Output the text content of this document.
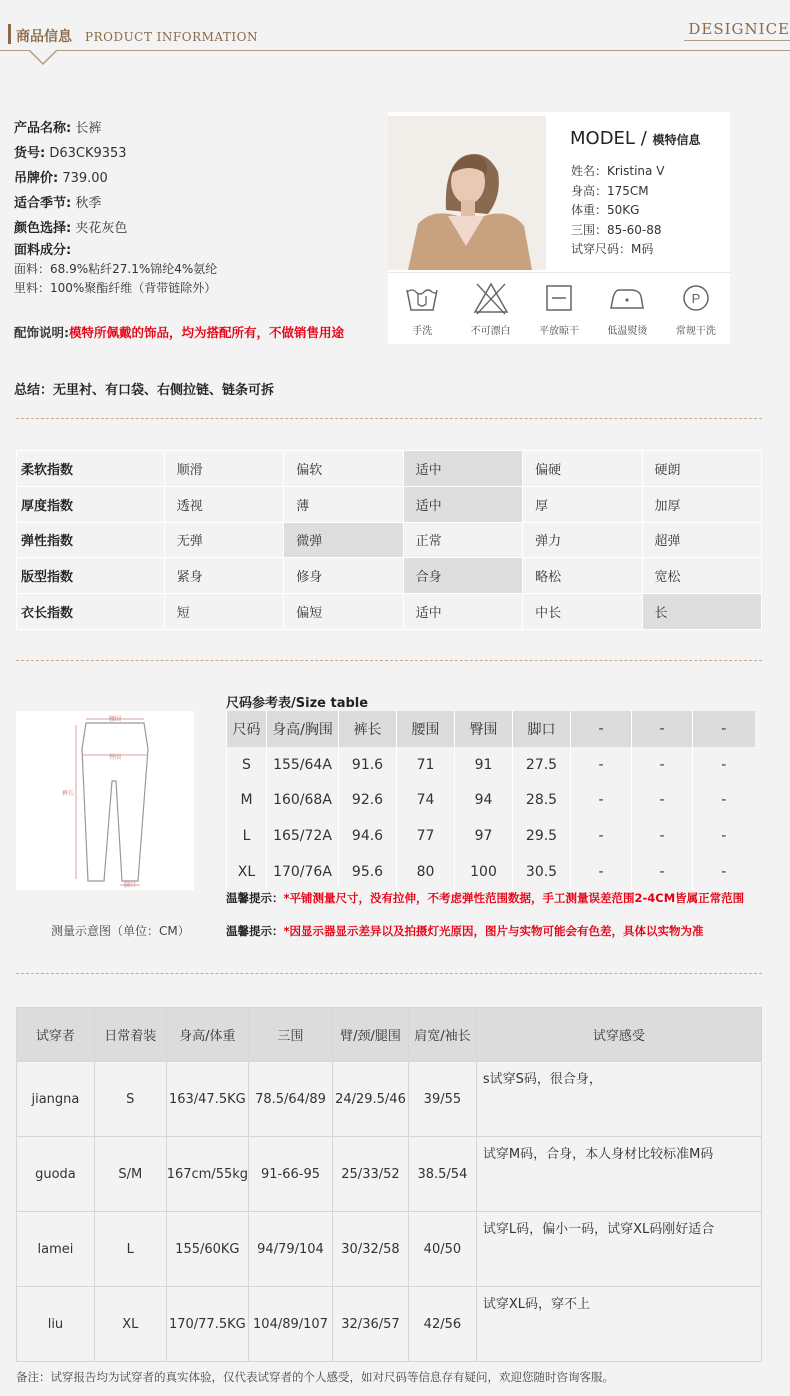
商品信息 PRODUCT INFORMATION	DESIGNICE
产品名称: 长裤
货号: D63CK9353
吊牌价: 739.00
适合季节: 秋季
颜色选择: 夹花灰色
面料成分:
面料：68.9%粘纤27.1%锦纶4%氨纶
里料：100%聚酯纤维（背带链除外）
配饰说明:模特所佩戴的饰品，均为搭配所有，不做销售用途
总结：无里衬、有口袋、右侧拉链、链条可拆
MODEL / 模特信息
姓名：Kristina V
身高：175CM
体重：50KG
三围：85-60-88
试穿尺码：M码
手洗	不可漂白	平放晾干	低温熨烫
P
常规干洗
柔软指数	顺滑	偏软	适中	偏硬	硬朗
厚度指数	透视	薄	适中	厚	加厚
弹性指数	无弹	微弹	正常	弹力	超弹
版型指数	紧身	修身	合身	略松	宽松
衣长指数	短	偏短	适中	中长	长
尺码参考表/Size table
腰围
臀围
裤长
脚口
测量示意图（单位：CM）
尺码	身高/胸围	裤长	腰围	臀围	脚口	-	-	-
S	155/64A	91.6	71	91	27.5	-	-	-
M	160/68A	92.6	74	94	28.5	-	-	-
L	165/72A	94.6	77	97	29.5	-	-	-
XL	170/76A	95.6	80	100	30.5	-	-	-
温馨提示：*平铺测量尺寸，没有拉伸，不考虑弹性范围数据，手工测量误差范围2-4CM皆属正常范围
温馨提示：*因显示器显示差异以及拍摄灯光原因，图片与实物可能会有色差，具体以实物为准
试穿者	日常着装	身高/体重	三围	臂/颈/腿围	肩宽/袖长	试穿感受
jiangna	S	163/47.5KG	78.5/64/89	24/29.5/46	39/55	s试穿S码，很合身，
guoda	S/M	167cm/55kg	91-66-95	25/33/52	38.5/54	试穿M码，合身，本人身材比较标准M码
lamei	L	155/60KG	94/79/104	30/32/58	40/50	试穿L码，偏小一码，试穿XL码刚好适合
liu	XL	170/77.5KG	104/89/107	32/36/57	42/56	试穿XL码，穿不上
备注：试穿报告均为试穿者的真实体验，仅代表试穿者的个人感受，如对尺码等信息存有疑问，欢迎您随时咨询客服。
